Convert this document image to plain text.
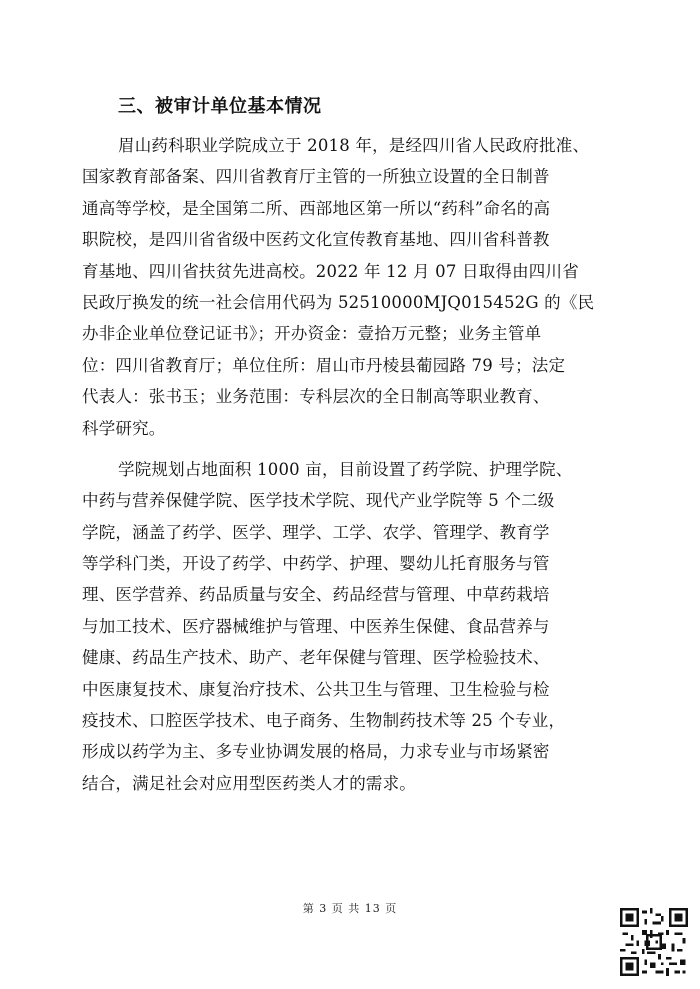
三、被审计单位基本情况
眉山药科职业学院成立于 2018 年，是经四川省人民政府批准、
国家教育部备案、四川省教育厅主管的一所独立设置的全日制普
通高等学校，是全国第二所、西部地区第一所以“药科”命名的高
职院校，是四川省省级中医药文化宣传教育基地、四川省科普教
育基地、四川省扶贫先进高校。2022 年 12 月 07 日取得由四川省
民政厅换发的统一社会信用代码为 52510000MJQ015452G 的《民
办非企业单位登记证书》；开办资金：壹拾万元整；业务主管单
位：四川省教育厅；单位住所：眉山市丹棱县葡园路 79 号；法定
代表人：张书玉；业务范围：专科层次的全日制高等职业教育、
科学研究。
学院规划占地面积 1000 亩，目前设置了药学院、护理学院、
中药与营养保健学院、医学技术学院、现代产业学院等 5 个二级
学院，涵盖了药学、医学、理学、工学、农学、管理学、教育学
等学科门类，开设了药学、中药学、护理、婴幼儿托育服务与管
理、医学营养、药品质量与安全、药品经营与管理、中草药栽培
与加工技术、医疗器械维护与管理、中医养生保健、食品营养与
健康、药品生产技术、助产、老年保健与管理、医学检验技术、
中医康复技术、康复治疗技术、公共卫生与管理、卫生检验与检
疫技术、口腔医学技术、电子商务、生物制药技术等 25 个专业，
形成以药学为主、多专业协调发展的格局，力求专业与市场紧密
结合，满足社会对应用型医药类人才的需求。
第 3 页 共 13 页
